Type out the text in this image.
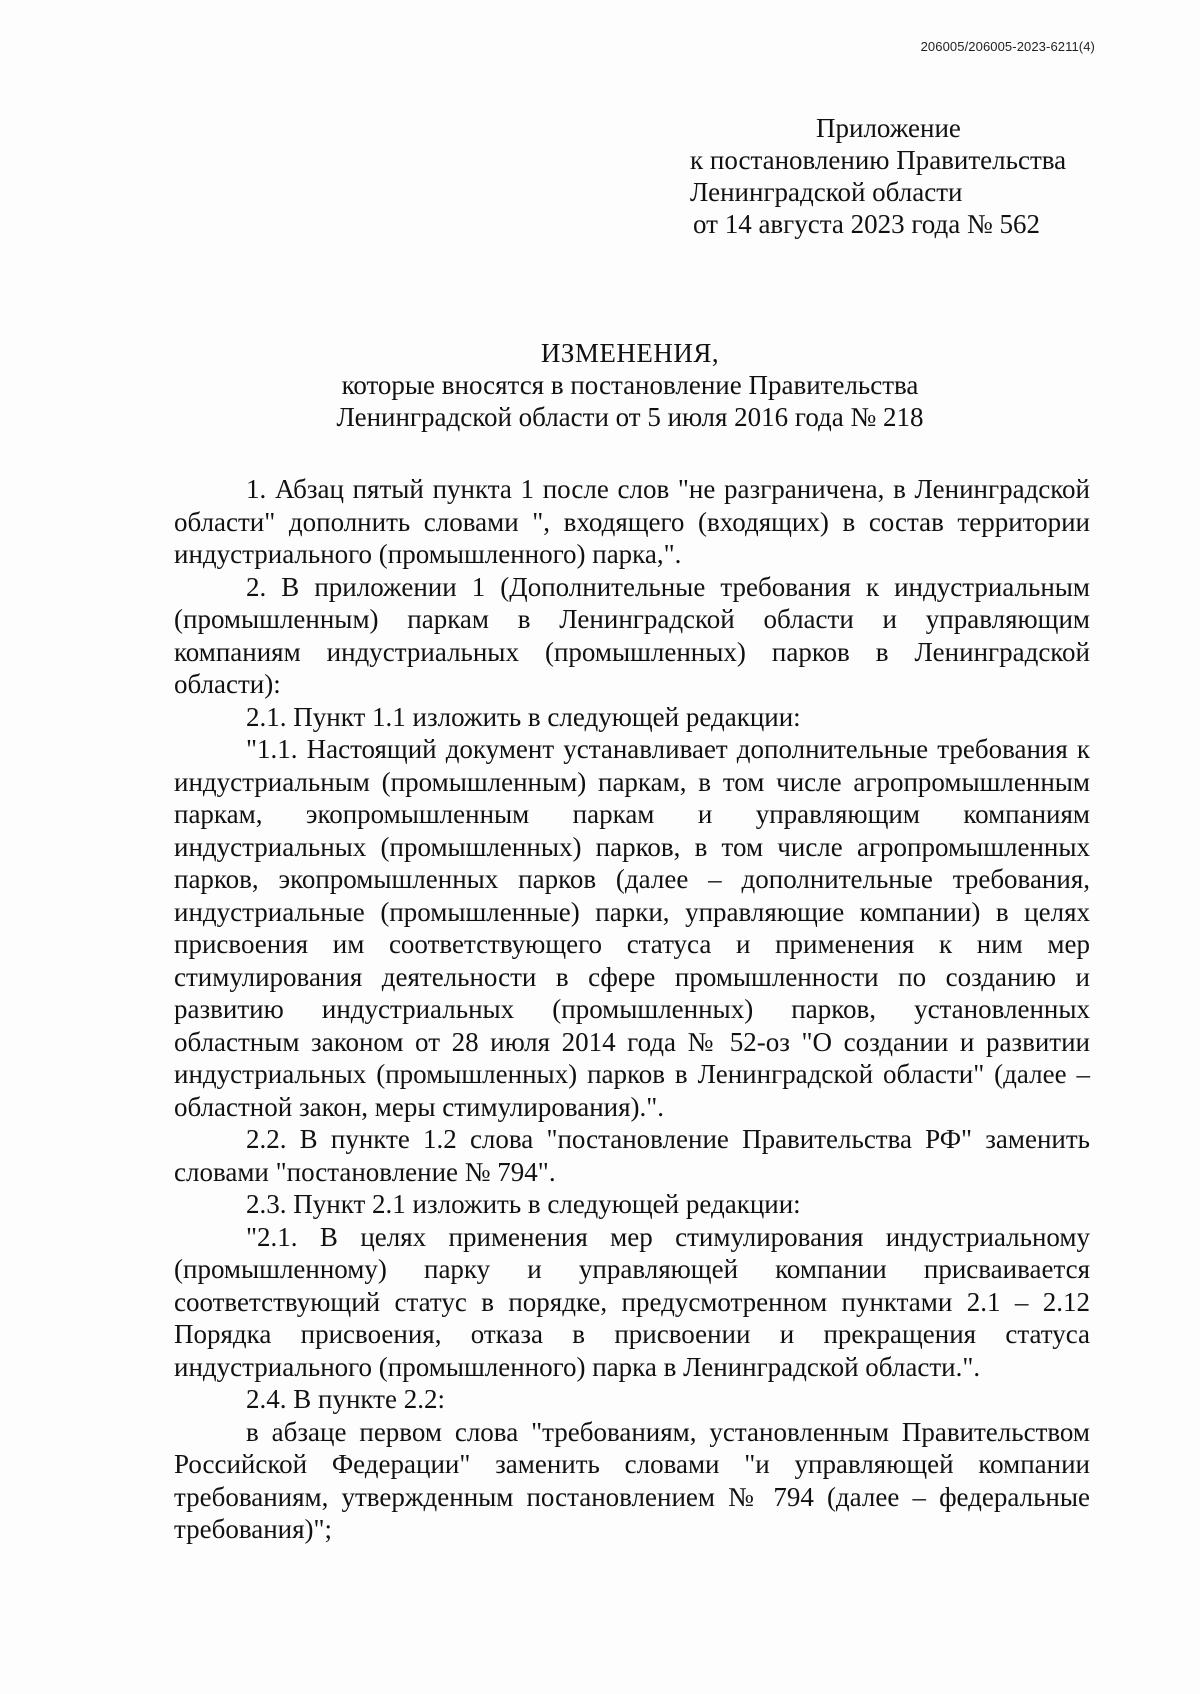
206005/206005-2023-6211(4)
Приложение
к постановлению Правительства
Ленинградской области
от 14 августа 2023 года № 562
ИЗМЕНЕНИЯ,
которые вносятся в постановление Правительства
Ленинградской области от 5 июля 2016 года № 218

1. Абзац пятый пункта 1 после слов "не разграничена, в Ленинградской области" дополнить словами ", входящего (входящих) в состав территории индустриального (промышленного) парка,".

2. В приложении 1 (Дополнительные требования к индустриальным (промышленным) паркам в Ленинградской области и управляющим компаниям индустриальных (промышленных) парков в Ленинградской области):

2.1. Пункт 1.1 изложить в следующей редакции:

"1.1. Настоящий документ устанавливает дополнительные требования к индустриальным (промышленным) паркам, в том числе агропромышленным паркам, экопромышленным паркам и управляющим компаниям индустриальных (промышленных) парков, в том числе агропромышленных парков, экопромышленных парков (далее – дополнительные требования, индустриальные (промышленные) парки, управляющие компании) в целях присвоения им соответствующего статуса и применения к ним мер стимулирования деятельности в сфере промышленности по созданию и развитию индустриальных (промышленных) парков, установленных областным законом от 28 июля 2014 года № 52-оз "О создании и развитии индустриальных (промышленных) парков в Ленинградской области" (далее – областной закон, меры стимулирования).".

2.2. В пункте 1.2 слова "постановление Правительства РФ" заменить словами "постановление № 794".

2.3. Пункт 2.1 изложить в следующей редакции:

"2.1. В целях применения мер стимулирования индустриальному (промышленному) парку и управляющей компании присваивается соответствующий статус в порядке, предусмотренном пунктами 2.1 – 2.12 Порядка присвоения, отказа в присвоении и прекращения статуса индустриального (промышленного) парка в Ленинградской области.".

2.4. В пункте 2.2:

в абзаце первом слова "требованиям, установленным Правительством Российской Федерации" заменить словами "и управляющей компании требованиям, утвержденным постановлением № 794 (далее – федеральные требования)";
